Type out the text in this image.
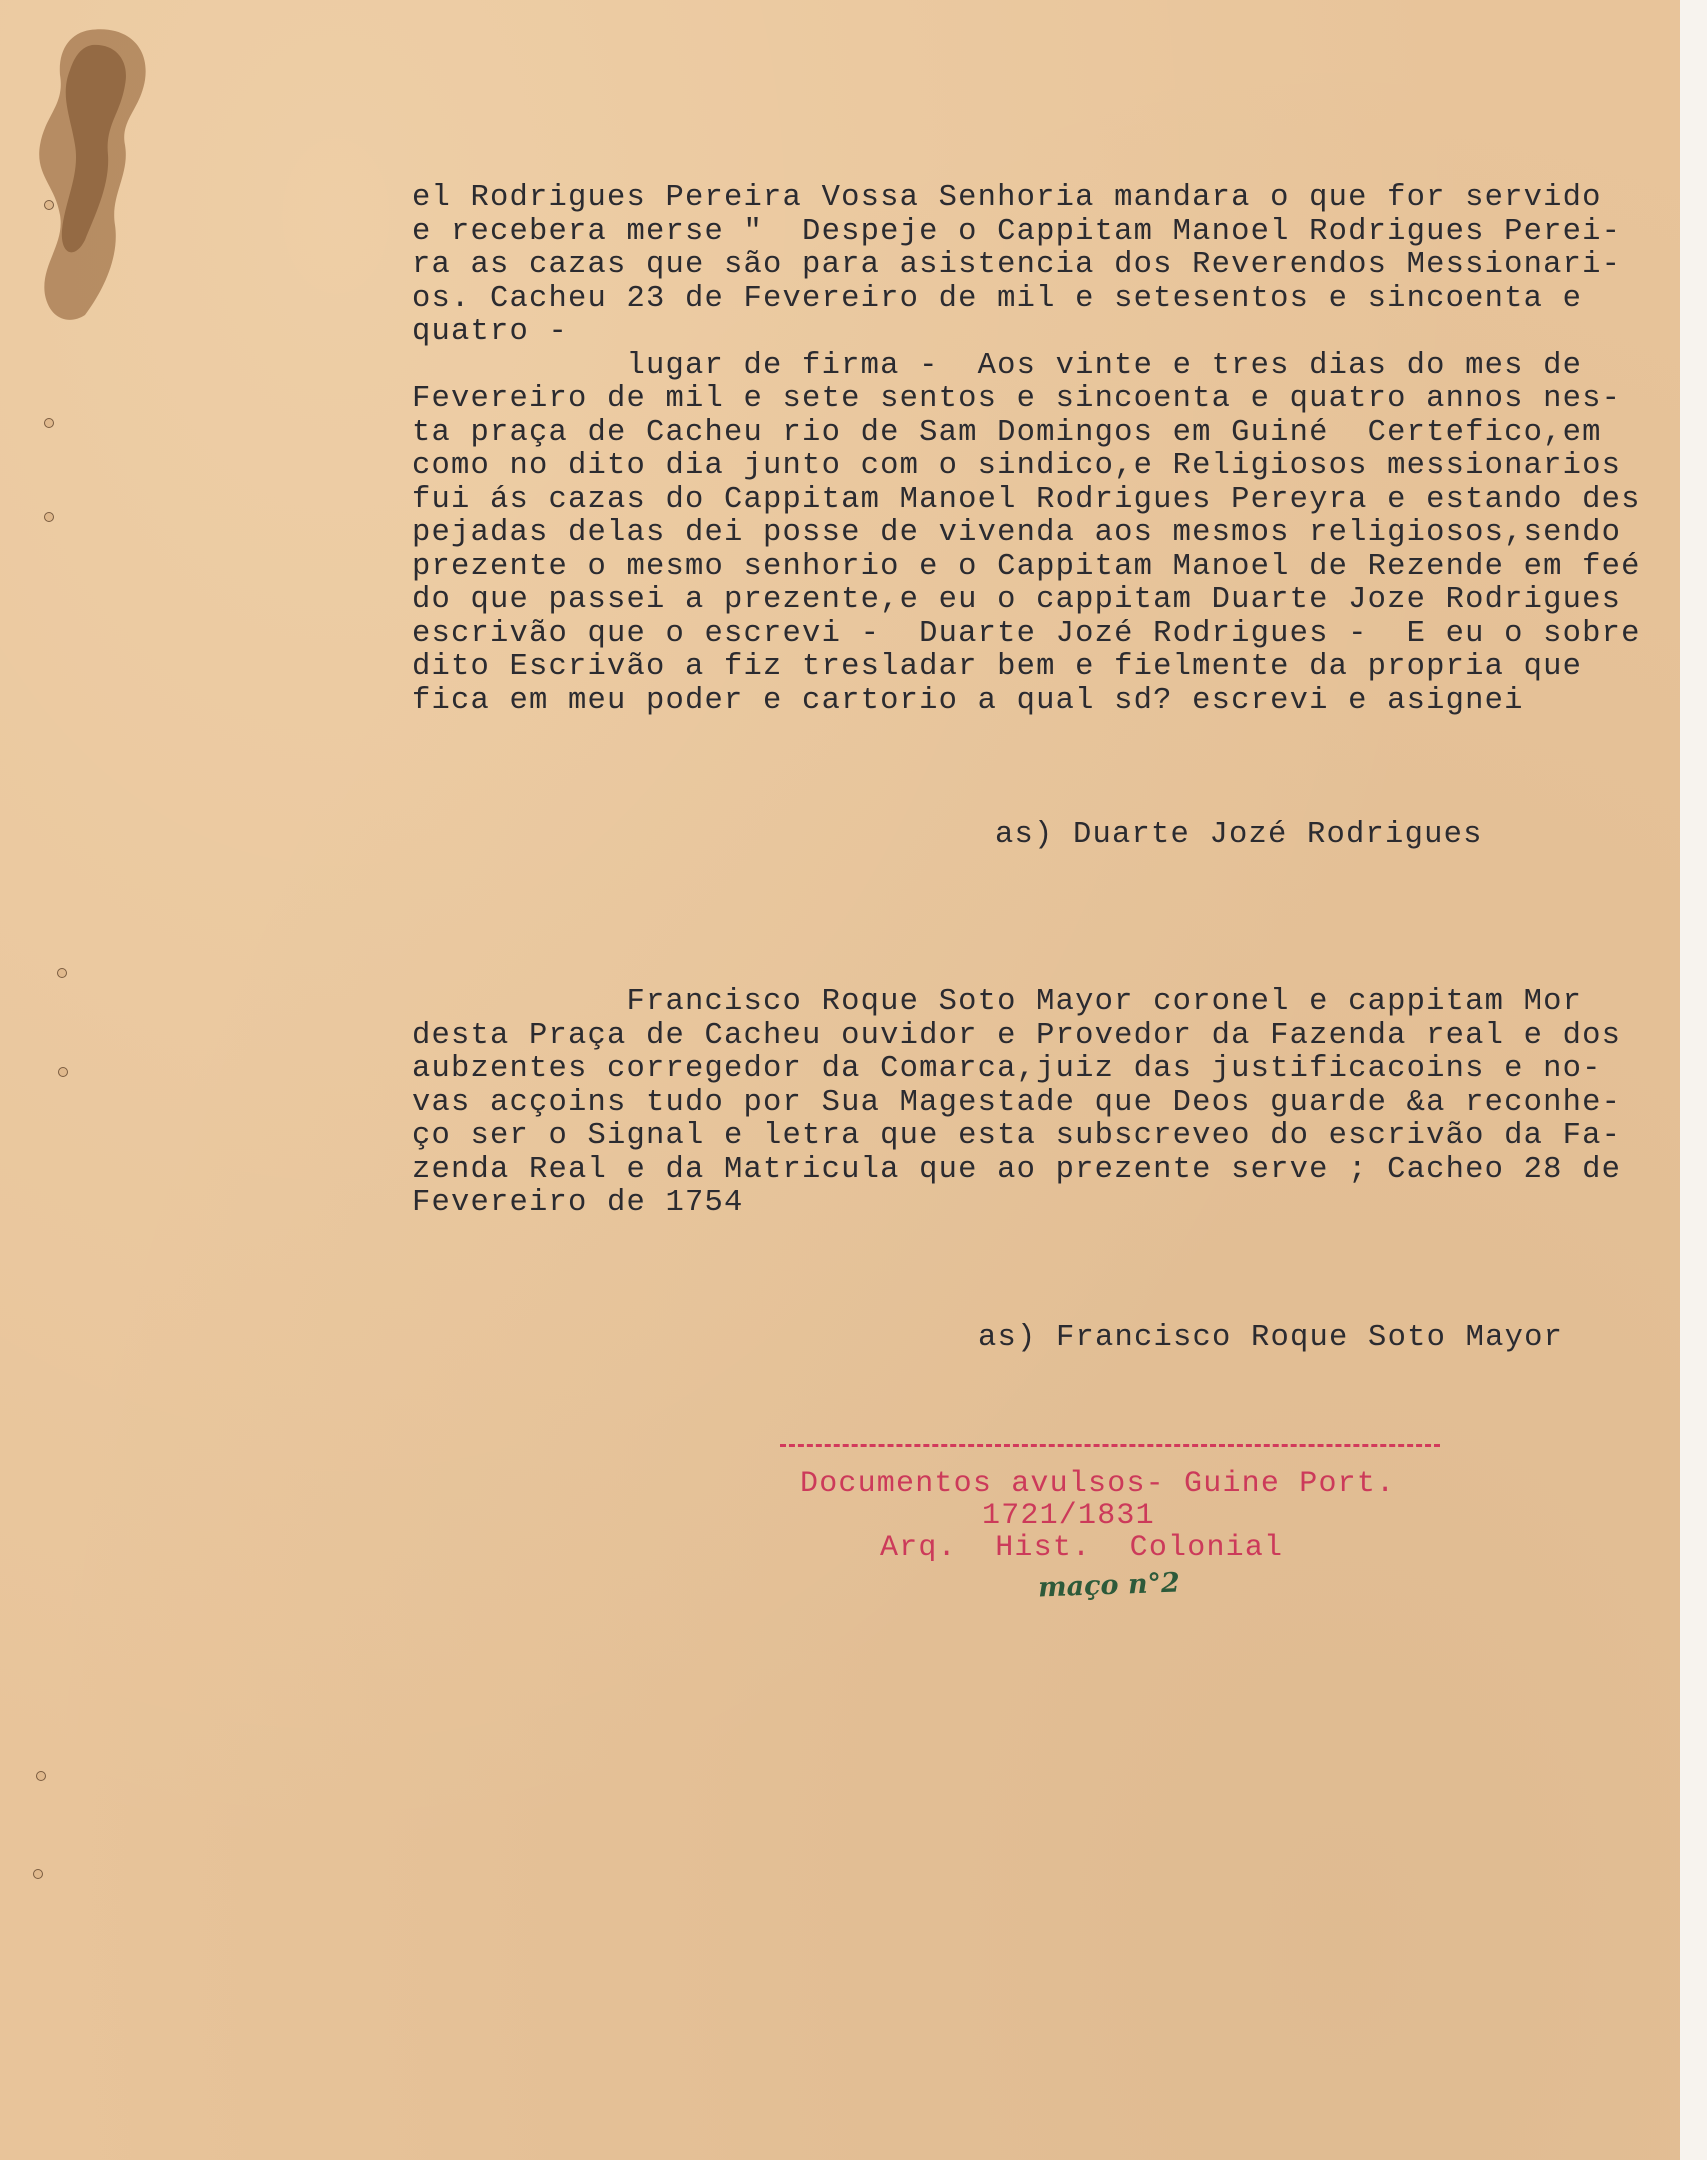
el Rodrigues Pereira Vossa Senhoria mandara o que for servido
e recebera merse "  Despeje o Cappitam Manoel Rodrigues Perei-
ra as cazas que são para asistencia dos Reverendos Messionari-
os. Cacheu 23 de Fevereiro de mil e setesentos e sincoenta e
quatro -
lugar de firma -  Aos vinte e tres dias do mes de
Fevereiro de mil e sete sentos e sincoenta e quatro annos nes-
ta praça de Cacheu rio de Sam Domingos em Guiné  Certefico,em
como no dito dia junto com o sindico,e Religiosos messionarios
fui ás cazas do Cappitam Manoel Rodrigues Pereyra e estando des
pejadas delas dei posse de vivenda aos mesmos religiosos,sendo
prezente o mesmo senhorio e o Cappitam Manoel de Rezende em feé
do que passei a prezente,e eu o cappitam Duarte Joze Rodrigues
escrivão que o escrevi -  Duarte Jozé Rodrigues -  E eu o sobre
dito Escrivão a fiz tresladar bem e fielmente da propria que
fica em meu poder e cartorio a qual sd? escrevi e asignei
as) Duarte Jozé Rodrigues
Francisco Roque Soto Mayor coronel e cappitam Mor
desta Praça de Cacheu ouvidor e Provedor da Fazenda real e dos
aubzentes corregedor da Comarca,juiz das justificacoins e no-
vas acçoins tudo por Sua Magestade que Deos guarde &a reconhe-
ço ser o Signal e letra que esta subscreveo do escrivão da Fa-
zenda Real e da Matricula que ao prezente serve ; Cacheo 28 de
Fevereiro de 1754
as) Francisco Roque Soto Mayor
Documentos avulsos- Guine Port.
1721/1831
Arq.  Hist.  Colonial
maço n°2
